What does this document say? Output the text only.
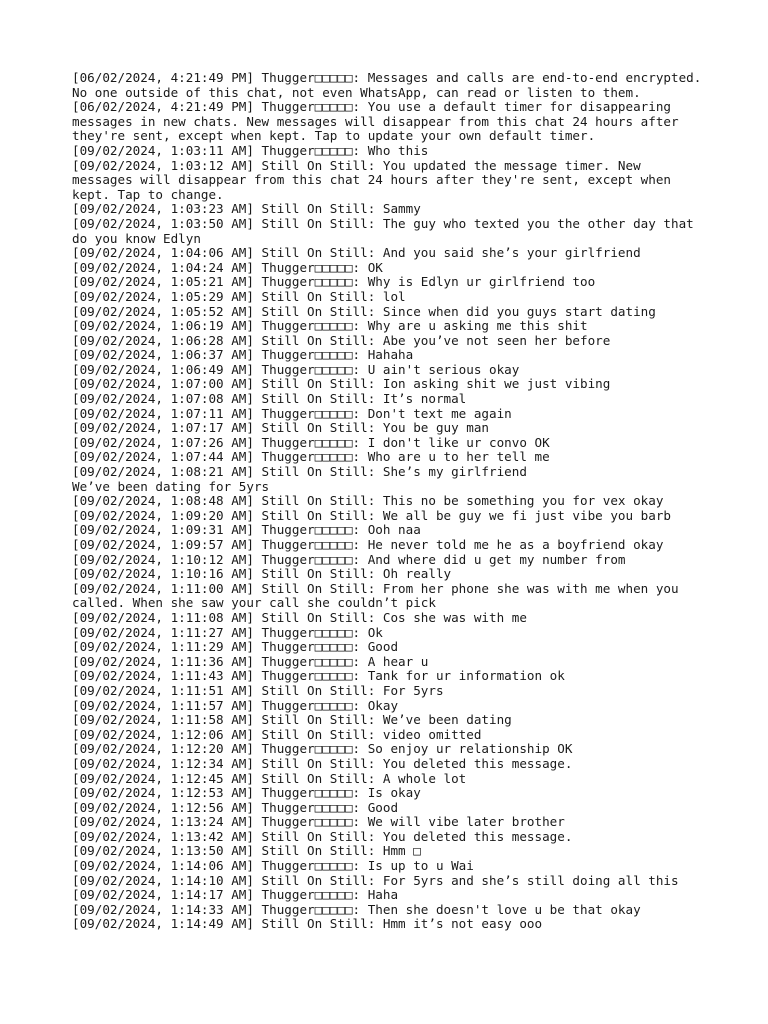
[06/02/2024, 4:21:49 PM] Thugger□□□□□: Messages and calls are end-to-end encrypted. No one outside of this chat, not even WhatsApp, can read or listen to them.

[06/02/2024, 4:21:49 PM] Thugger□□□□□: You use a default timer for disappearing messages in new chats. New messages will disappear from this chat 24 hours after they're sent, except when kept. Tap to update your own default timer.

[09/02/2024, 1:03:11 AM] Thugger□□□□□: Who this

[09/02/2024, 1:03:12 AM] Still On Still: You updated the message timer. New messages will disappear from this chat 24 hours after they're sent, except when kept. Tap to change.

[09/02/2024, 1:03:23 AM] Still On Still: Sammy

[09/02/2024, 1:03:50 AM] Still On Still: The guy who texted you the other day that do you know Edlyn

[09/02/2024, 1:04:06 AM] Still On Still: And you said she’s your girlfriend

[09/02/2024, 1:04:24 AM] Thugger□□□□□: OK

[09/02/2024, 1:05:21 AM] Thugger□□□□□: Why is Edlyn ur girlfriend too

[09/02/2024, 1:05:29 AM] Still On Still: lol

[09/02/2024, 1:05:52 AM] Still On Still: Since when did you guys start dating

[09/02/2024, 1:06:19 AM] Thugger□□□□□: Why are u asking me this shit

[09/02/2024, 1:06:28 AM] Still On Still: Abe you’ve not seen her before

[09/02/2024, 1:06:37 AM] Thugger□□□□□: Hahaha

[09/02/2024, 1:06:49 AM] Thugger□□□□□: U ain't serious okay

[09/02/2024, 1:07:00 AM] Still On Still: Ion asking shit we just vibing

[09/02/2024, 1:07:08 AM] Still On Still: It’s normal

[09/02/2024, 1:07:11 AM] Thugger□□□□□: Don't text me again

[09/02/2024, 1:07:17 AM] Still On Still: You be guy man

[09/02/2024, 1:07:26 AM] Thugger□□□□□: I don't like ur convo OK

[09/02/2024, 1:07:44 AM] Thugger□□□□□: Who are u to her tell me

[09/02/2024, 1:08:21 AM] Still On Still: She’s my girlfriend

We’ve been dating for 5yrs

[09/02/2024, 1:08:48 AM] Still On Still: This no be something you for vex okay

[09/02/2024, 1:09:20 AM] Still On Still: We all be guy we fi just vibe you barb

[09/02/2024, 1:09:31 AM] Thugger□□□□□: Ooh naa

[09/02/2024, 1:09:57 AM] Thugger□□□□□: He never told me he as a boyfriend okay

[09/02/2024, 1:10:12 AM] Thugger□□□□□: And where did u get my number from

[09/02/2024, 1:10:16 AM] Still On Still: Oh really

[09/02/2024, 1:11:00 AM] Still On Still: From her phone she was with me when you called. When she saw your call she couldn’t pick

[09/02/2024, 1:11:08 AM] Still On Still: Cos she was with me

[09/02/2024, 1:11:27 AM] Thugger□□□□□: Ok

[09/02/2024, 1:11:29 AM] Thugger□□□□□: Good

[09/02/2024, 1:11:36 AM] Thugger□□□□□: A hear u

[09/02/2024, 1:11:43 AM] Thugger□□□□□: Tank for ur information ok

[09/02/2024, 1:11:51 AM] Still On Still: For 5yrs

[09/02/2024, 1:11:57 AM] Thugger□□□□□: Okay

[09/02/2024, 1:11:58 AM] Still On Still: We’ve been dating

[09/02/2024, 1:12:06 AM] Still On Still: video omitted

[09/02/2024, 1:12:20 AM] Thugger□□□□□: So enjoy ur relationship OK

[09/02/2024, 1:12:34 AM] Still On Still: You deleted this message.

[09/02/2024, 1:12:45 AM] Still On Still: A whole lot

[09/02/2024, 1:12:53 AM] Thugger□□□□□: Is okay

[09/02/2024, 1:12:56 AM] Thugger□□□□□: Good

[09/02/2024, 1:13:24 AM] Thugger□□□□□: We will vibe later brother

[09/02/2024, 1:13:42 AM] Still On Still: You deleted this message.

[09/02/2024, 1:13:50 AM] Still On Still: Hmm □

[09/02/2024, 1:14:06 AM] Thugger□□□□□: Is up to u Wai

[09/02/2024, 1:14:10 AM] Still On Still: For 5yrs and she’s still doing all this

[09/02/2024, 1:14:17 AM] Thugger□□□□□: Haha

[09/02/2024, 1:14:33 AM] Thugger□□□□□: Then she doesn't love u be that okay

[09/02/2024, 1:14:49 AM] Still On Still: Hmm it’s not easy ooo
